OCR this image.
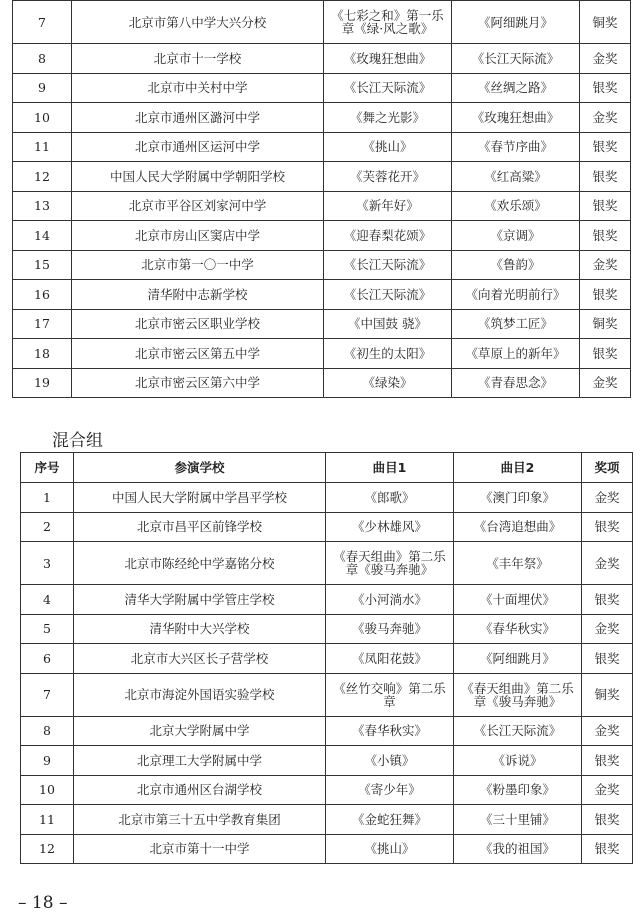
7	北京市第八中学大兴分校	《七彩之和》第一乐章《绿·风之歌》	《阿细跳月》	铜奖
8	北京市十一学校	《玫瑰狂想曲》	《长江天际流》	金奖
9	北京市中关村中学	《长江天际流》	《丝绸之路》	银奖
10	北京市通州区潞河中学	《舞之光影》	《玫瑰狂想曲》	金奖
11	北京市通州区运河中学	《挑山》	《春节序曲》	银奖
12	中国人民大学附属中学朝阳学校	《芙蓉花开》	《红高粱》	银奖
13	北京市平谷区刘家河中学	《新年好》	《欢乐颂》	银奖
14	北京市房山区窦店中学	《迎春梨花颂》	《京调》	银奖
15	北京市第一〇一中学	《长江天际流》	《鲁韵》	金奖
16	清华附中志新学校	《长江天际流》	《向着光明前行》	银奖
17	北京市密云区职业学校	《中国鼓 骁》	《筑梦工匠》	铜奖
18	北京市密云区第五中学	《初生的太阳》	《草原上的新年》	银奖
19	北京市密云区第六中学	《绿染》	《青春思念》	金奖
混合组
序号	参演学校	曲目1	曲目2	奖项
1	中国人民大学附属中学昌平学校	《郎歌》	《澳门印象》	金奖
2	北京市昌平区前锋学校	《少林雄风》	《台湾追想曲》	银奖
3	北京市陈经纶中学嘉铭分校	《春天组曲》第二乐章《骏马奔驰》	《丰年祭》	金奖
4	清华大学附属中学管庄学校	《小河淌水》	《十面埋伏》	银奖
5	清华附中大兴学校	《骏马奔驰》	《春华秋实》	金奖
6	北京市大兴区长子营学校	《凤阳花鼓》	《阿细跳月》	银奖
7	北京市海淀外国语实验学校	《丝竹交响》第二乐章	《春天组曲》第二乐章《骏马奔驰》	铜奖
8	北京大学附属中学	《春华秋实》	《长江天际流》	金奖
9	北京理工大学附属中学	《小镇》	《诉说》	银奖
10	北京市通州区台湖学校	《寄少年》	《粉墨印象》	金奖
11	北京市第三十五中学教育集团	《金蛇狂舞》	《三十里铺》	银奖
12	北京市第十一中学	《挑山》	《我的祖国》	银奖
– 18 –
